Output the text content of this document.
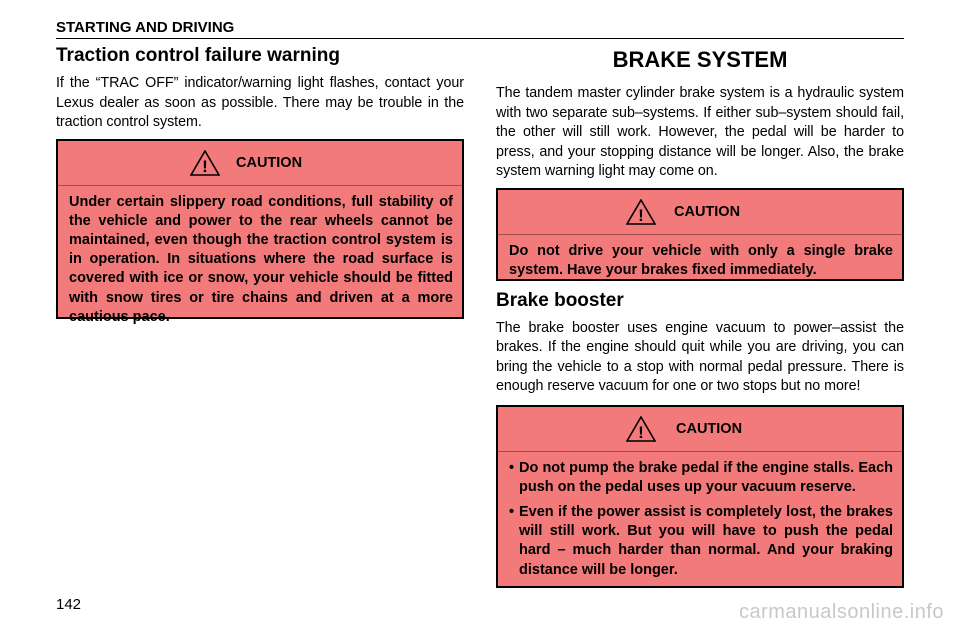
STARTING AND DRIVING
Traction control failure warning

If the “TRAC OFF” indicator/warning light flashes, contact your Lexus dealer as soon as possible. There may be trouble in the traction control system.

! CAUTION
Under certain slippery road conditions, full stability of the vehicle and power to the rear wheels cannot be maintained, even though the traction control system is in operation. In situations where the road surface is covered with ice or snow, your vehicle should be fitted with snow tires or tire chains and driven at a more cautious pace.
BRAKE SYSTEM

The tandem master cylinder brake system is a hydraulic system with two separate sub–systems. If either sub–system should fail, the other will still work. However, the pedal will be harder to press, and your stopping distance will be longer. Also, the brake system warning light may come on.

! CAUTION
Do not drive your vehicle with only a single brake system. Have your brakes fixed immediately.
Brake booster

The brake booster uses engine vacuum to power–assist the brakes. If the engine should quit while you are driving, you can bring the vehicle to a stop with normal pedal pressure. There is enough reserve vacuum for one or two stops but no more!

! CAUTION
• Do not pump the brake pedal if the engine stalls. Each push on the pedal uses up your vacuum reserve.
• Even if the power assist is completely lost, the brakes will still work. But you will have to push the pedal hard – much harder than normal. And your braking distance will be longer.
142	carmanualsonline.info
